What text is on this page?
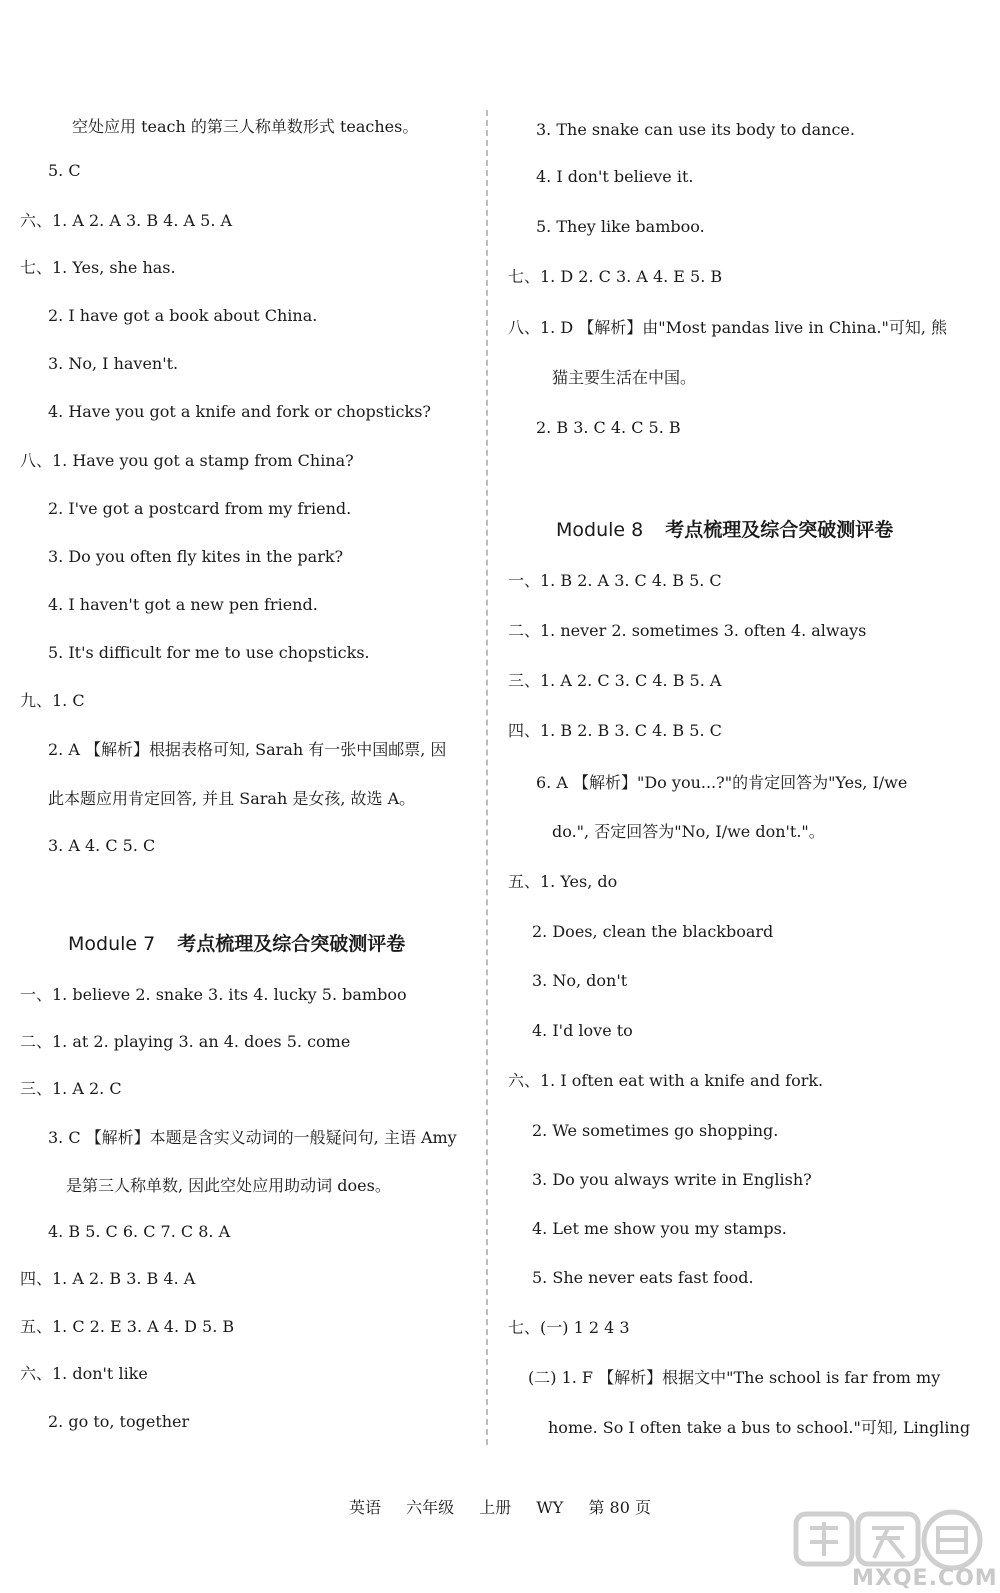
空处应用 teach 的第三人称单数形式 teaches。
5. C
六、1. A 2. A 3. B 4. A 5. A
七、1. Yes, she has.
2. I have got a book about China.
3. No, I haven't.
4. Have you got a knife and fork or chopsticks?
八、1. Have you got a stamp from China?
2. I've got a postcard from my friend.
3. Do you often fly kites in the park?
4. I haven't got a new pen friend.
5. It's difficult for me to use chopsticks.
九、1. C
2. A 【解析】根据表格可知, Sarah 有一张中国邮票, 因
此本题应用肯定回答, 并且 Sarah 是女孩, 故选 A。
3. A 4. C 5. C
Module 7 考点梳理及综合突破测评卷
一、1. believe 2. snake 3. its 4. lucky 5. bamboo
二、1. at 2. playing 3. an 4. does 5. come
三、1. A 2. C
3. C 【解析】本题是含实义动词的一般疑问句, 主语 Amy
是第三人称单数, 因此空处应用助动词 does。
4. B 5. C 6. C 7. C 8. A
四、1. A 2. B 3. B 4. A
五、1. C 2. E 3. A 4. D 5. B
六、1. don't like
2. go to, together
3. The snake can use its body to dance.
4. I don't believe it.
5. They like bamboo.
七、1. D 2. C 3. A 4. E 5. B
八、1. D 【解析】由"Most pandas live in China."可知, 熊
猫主要生活在中国。
2. B 3. C 4. C 5. B
Module 8 考点梳理及综合突破测评卷
一、1. B 2. A 3. C 4. B 5. C
二、1. never 2. sometimes 3. often 4. always
三、1. A 2. C 3. C 4. B 5. A
四、1. B 2. B 3. C 4. B 5. C
6. A 【解析】"Do you...?"的肯定回答为"Yes, I/we
do.", 否定回答为"No, I/we don't."。
五、1. Yes, do
2. Does, clean the blackboard
3. No, don't
4. I'd love to
六、1. I often eat with a knife and fork.
2. We sometimes go shopping.
3. Do you always write in English?
4. Let me show you my stamps.
5. She never eats fast food.
七、(一) 1 2 4 3
(二) 1. F 【解析】根据文中"The school is far from my
home. So I often take a bus to school."可知, Lingling
英语 六年级 上册 WY 第 80 页
MXQE.COM
